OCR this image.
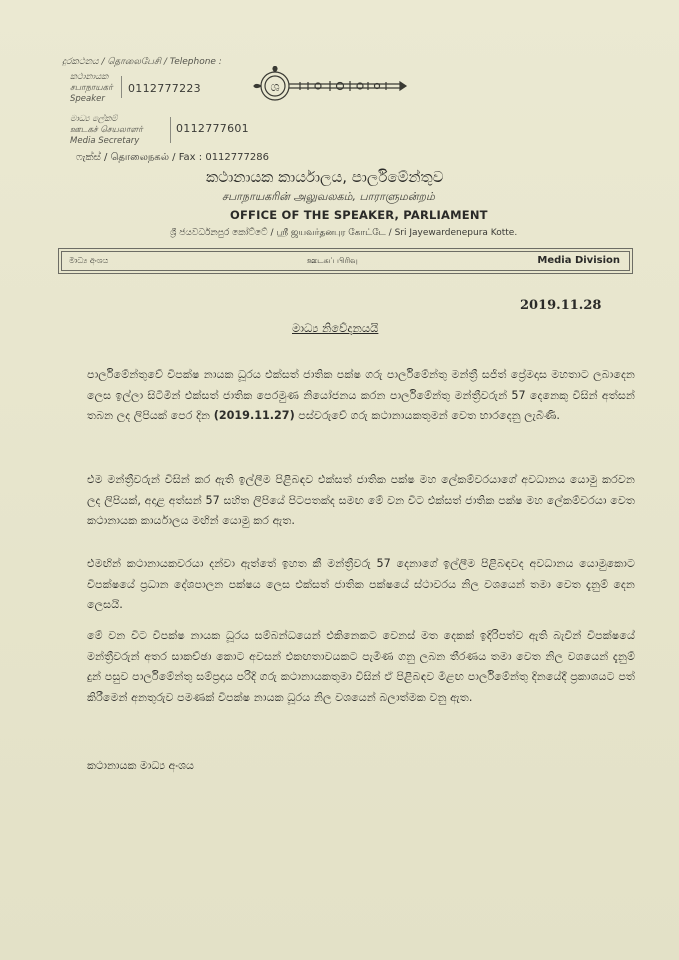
දුරකථනය / தொலைபேசி / Telephone :
කථානායක
சபாநாயகர்
Speaker
0112777223
මාධ්‍ය ලේකම්
ஊடகச் செயலாளர்
Media Secretary
0112777601
ෆැක්ස් / தொலைநகல் / Fax : 0112777286
ශ
කථානායක කාර්යාලය, පාර්ලිමේන්තුව
சபாநாயகரின் அலுவலகம், பாராளுமன்றம்
OFFICE OF THE SPEAKER, PARLIAMENT
ශ්‍රී ජයවර්ධනපුර කෝට්ටේ / ஸ்ரீ ஜயவர்தனபுர கோட்டே / Sri Jayewardenepura Kotte.
මාධ්‍ය අංශය	ஊடகப் பிரிவு	Media Division
2019.11.28
මාධ්‍ය නිවේදනයයි
පාර්ලිමේන්තුවේ විපක්ෂ නායක ධූරය එක්සත් ජාතික පක්ෂ ගරු පාර්ලිමේන්තු මන්ත්‍රී සජිත් ප්‍රේමදාස මහතාට ලබාදෙන ලෙස ඉල්ලා සිටිමින් එක්සත් ජාතික පෙරමුණ නියෝජනය කරන පාර්ලිමේන්තු මන්ත්‍රීවරුන් 57 දෙනෙකු විසින් අත්සන් තබන ලද ලිපියක් පෙර දින (2019.11.27) පස්වරුවේ ගරු කථානායකතුමන් වෙත භාරදෙනු ලැබිණි.
එම මන්ත්‍රීවරුන් විසින් කර ඇති ඉල්ලීම පිළිබඳව එක්සත් ජාතික පක්ෂ මහ ලේකම්වරයාගේ අවධානය යොමු කරවන ලද ලිපියක්, අදාළ අත්සන් 57 සහිත ලිපියේ පිටපතක්ද සමඟ මේ වන විට එක්සත් ජාතික පක්ෂ මහ ලේකම්වරයා වෙත කථානායක කාර්යාලය මඟින් යොමු කර ඇත.
එමඟින් කථානායකවරයා දන්වා ඇත්තේ ඉහත කී මන්ත්‍රීවරු 57 දෙනාගේ ඉල්ලීම පිළිබඳවද අවධානය යොමුකොට විපක්ෂයේ ප්‍රධාන දේශපාලන පක්ෂය ලෙස එක්සත් ජාතික පක්ෂයේ ස්ථාවරය නිල වශයෙන් තමා වෙත දැනුම් දෙන ලෙසයි.
මේ වන විට විපක්ෂ නායක ධූරය සම්බන්ධයෙන් එකිනෙකට වෙනස් මත දෙකක් ඉදිරිපත්ව ඇති බැවින් විපක්ෂයේ මන්ත්‍රීවරුන් අතර සාකච්ඡා කොට අවසන් එකඟතාවයකට පැමිණ ගනු ලබන තීරණය තමා වෙත නිල වශයෙන් දැනුම් දුන් පසුව පාර්ලිමේන්තු සම්ප්‍රදාය පරිදි ගරු කථානායකතුමා විසින් ඒ පිළිබඳව මීළඟ පාර්ලිමේන්තු දිනයේදී ප්‍රකාශයට පත් කිරීමෙන් අනතුරුව පමණක් විපක්ෂ නායක ධූරය නිල වශයෙන් බලාත්මක වනු ඇත.
කථානායක මාධ්‍ය අංශය
